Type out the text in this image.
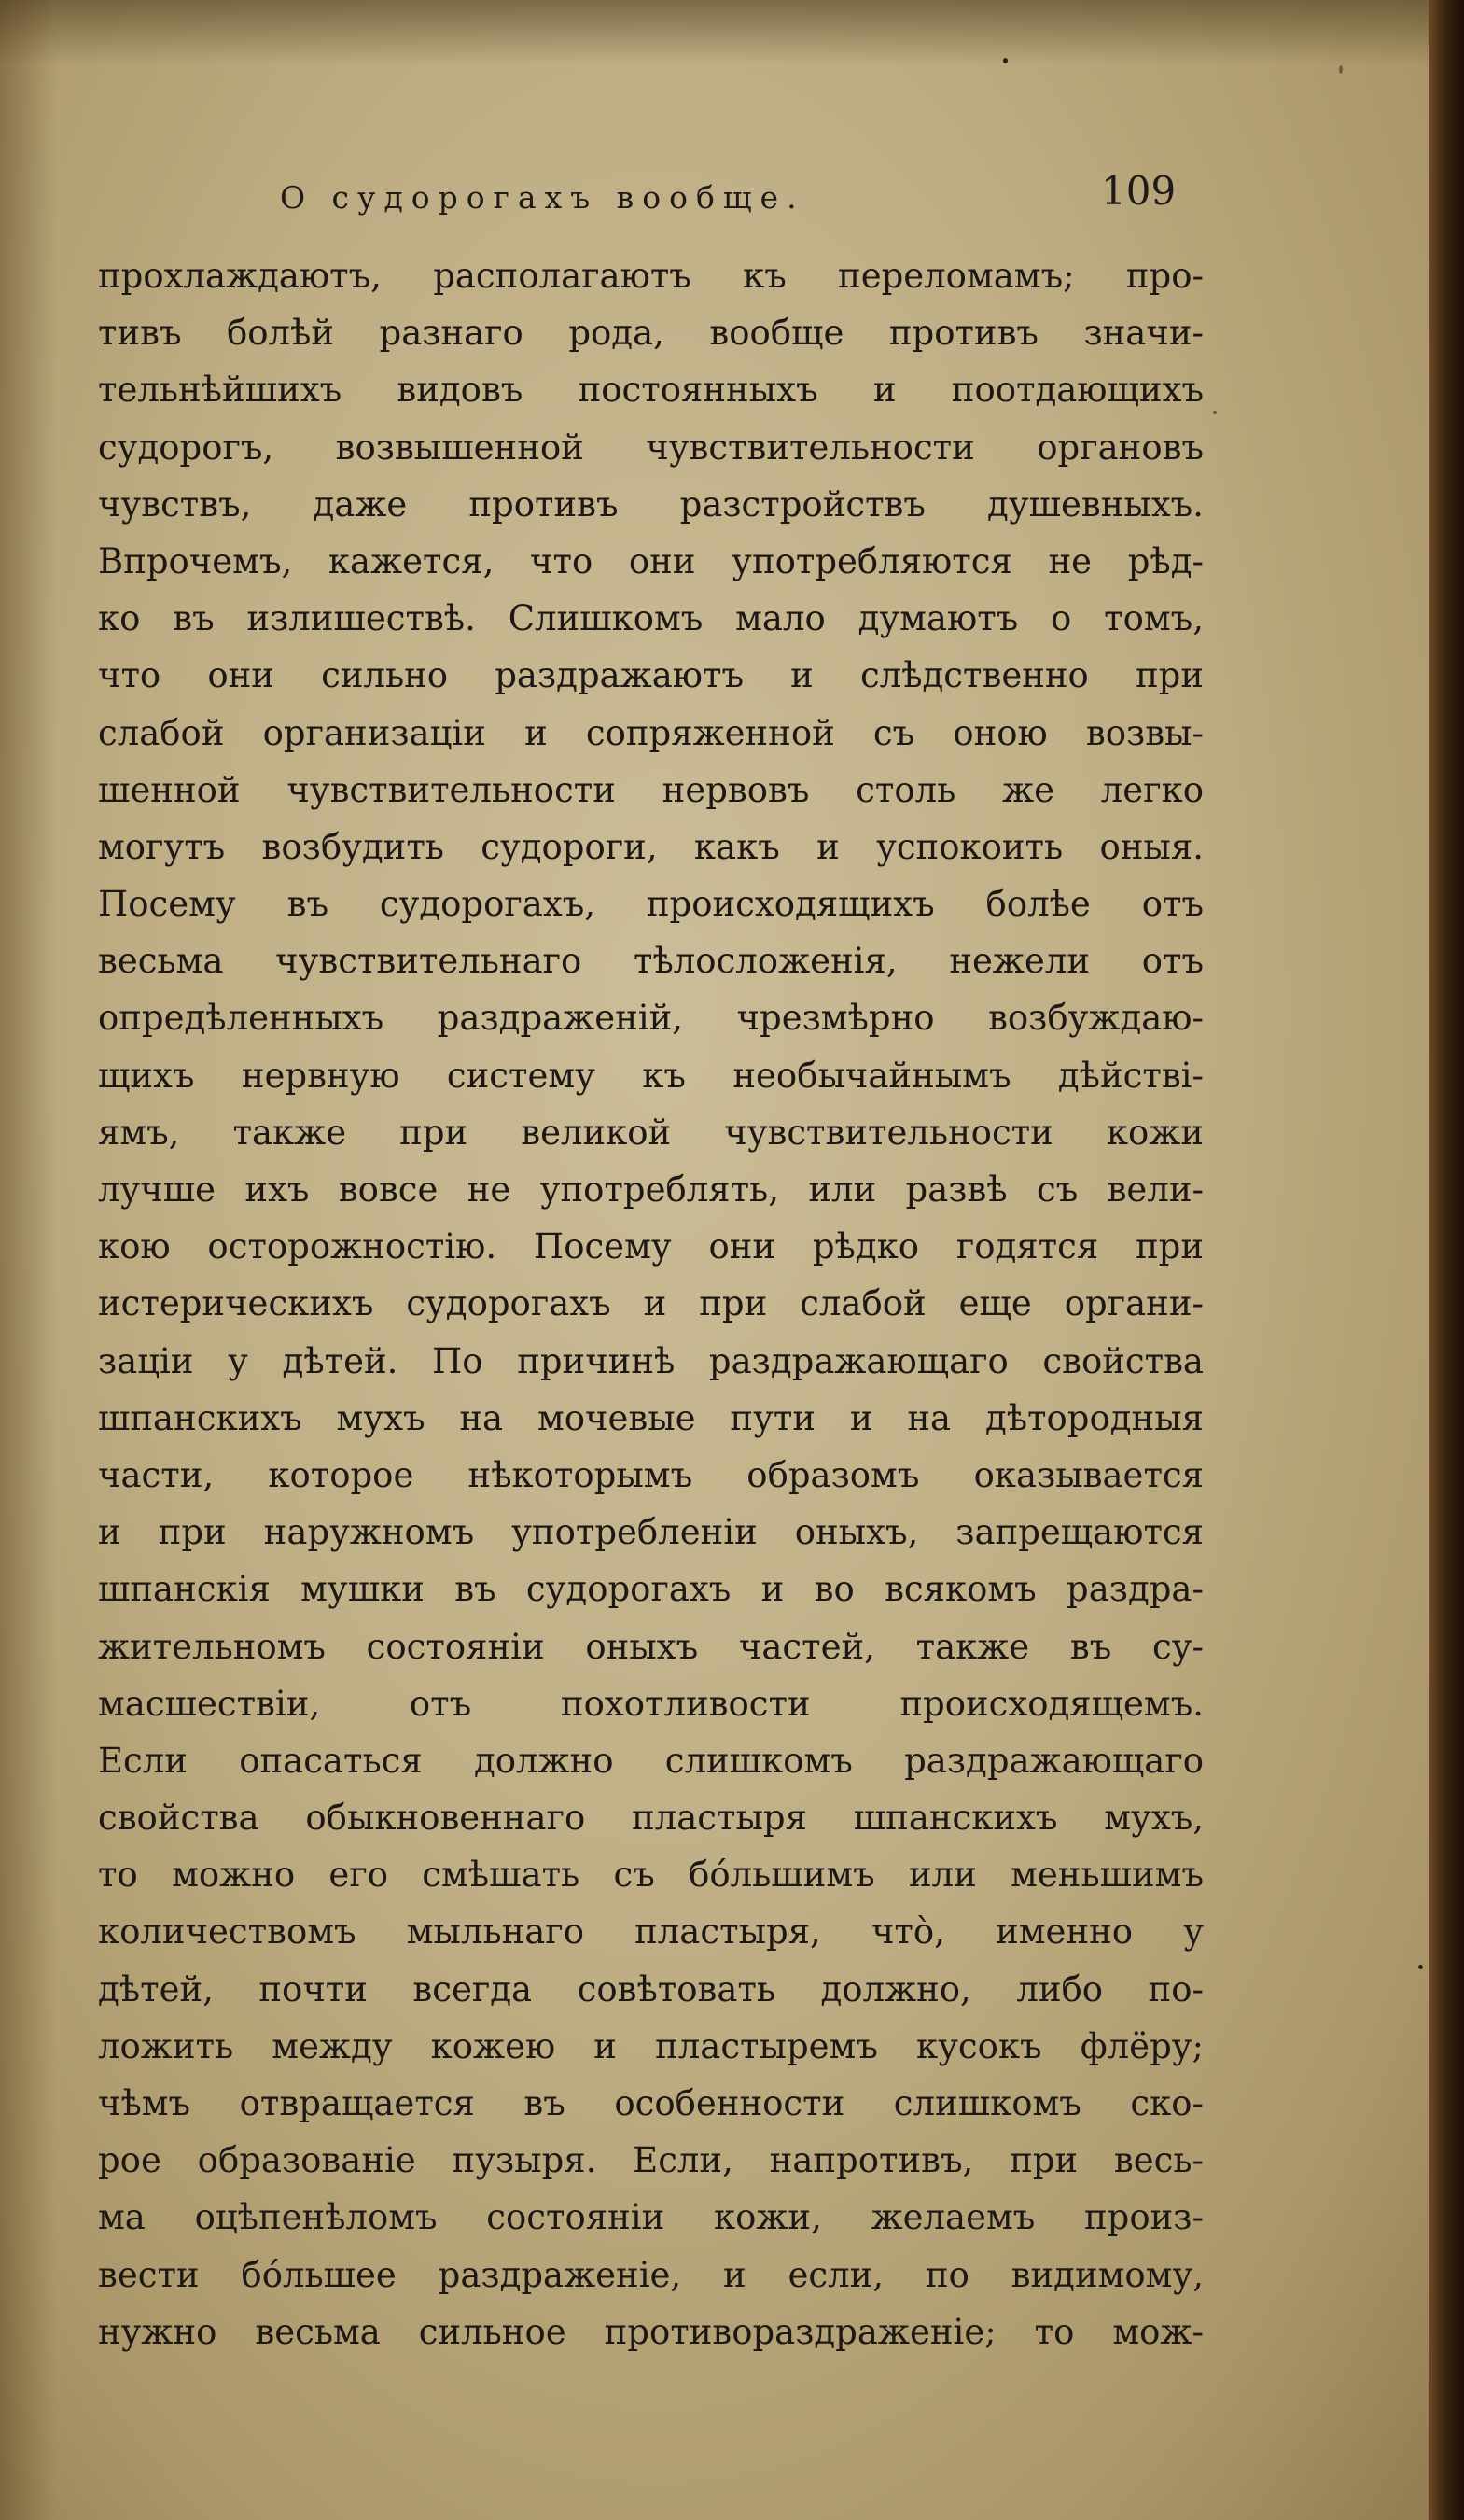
О судорогахъ вообще.	109
прохлаждаютъ, располагаютъ къ переломамъ; про-
тивъ болѣй разнаго рода, вообще противъ значи-
тельнѣйшихъ видовъ постоянныхъ и поотдающихъ
судорогъ, возвышенной чувствительности органовъ
чувствъ, даже противъ разстройствъ душевныхъ.
Впрочемъ, кажется, что они употребляются не рѣд-
ко въ излишествѣ. Слишкомъ мало думаютъ о томъ,
что они сильно раздражаютъ и слѣдственно при
слабой организаціи и сопряженной съ оною возвы-
шенной чувствительности нервовъ столь же легко
могутъ возбудить судороги, какъ и успокоить оныя.
Посему въ судорогахъ, происходящихъ болѣе отъ
весьма чувствительнаго тѣлосложенія, нежели отъ
опредѣленныхъ раздраженій, чрезмѣрно возбуждаю-
щихъ нервную систему къ необычайнымъ дѣйстві-
ямъ, также при великой чувствительности кожи
лучше ихъ вовсе не употреблять, или развѣ съ вели-
кою осторожностію. Посему они рѣдко годятся при
истерическихъ судорогахъ и при слабой еще органи-
заціи у дѣтей. По причинѣ раздражающаго свойства
шпанскихъ мухъ на мочевые пути и на дѣтородныя
части, которое нѣкоторымъ образомъ оказывается
и при наружномъ употребленіи оныхъ, запрещаются
шпанскія мушки въ судорогахъ и во всякомъ раздра-
жительномъ состояніи оныхъ частей, также въ су-
масшествіи, отъ похотливости происходящемъ.
Если опасаться должно слишкомъ раздражающаго
свойства обыкновеннаго пластыря шпанскихъ мухъ,
то можно его смѣшать съ бо́льшимъ или меньшимъ
количествомъ мыльнаго пластыря, что̀, именно у
дѣтей, почти всегда совѣтовать должно, либо по-
ложить между кожею и пластыремъ кусокъ флёру;
чѣмъ отвращается въ особенности слишкомъ ско-
рое образованіе пузыря. Если, напротивъ, при весь-
ма оцѣпенѣломъ состояніи кожи, желаемъ произ-
вести бо́льшее раздраженіе, и если, по видимому,
нужно весьма сильное противораздраженіе; то мож-
